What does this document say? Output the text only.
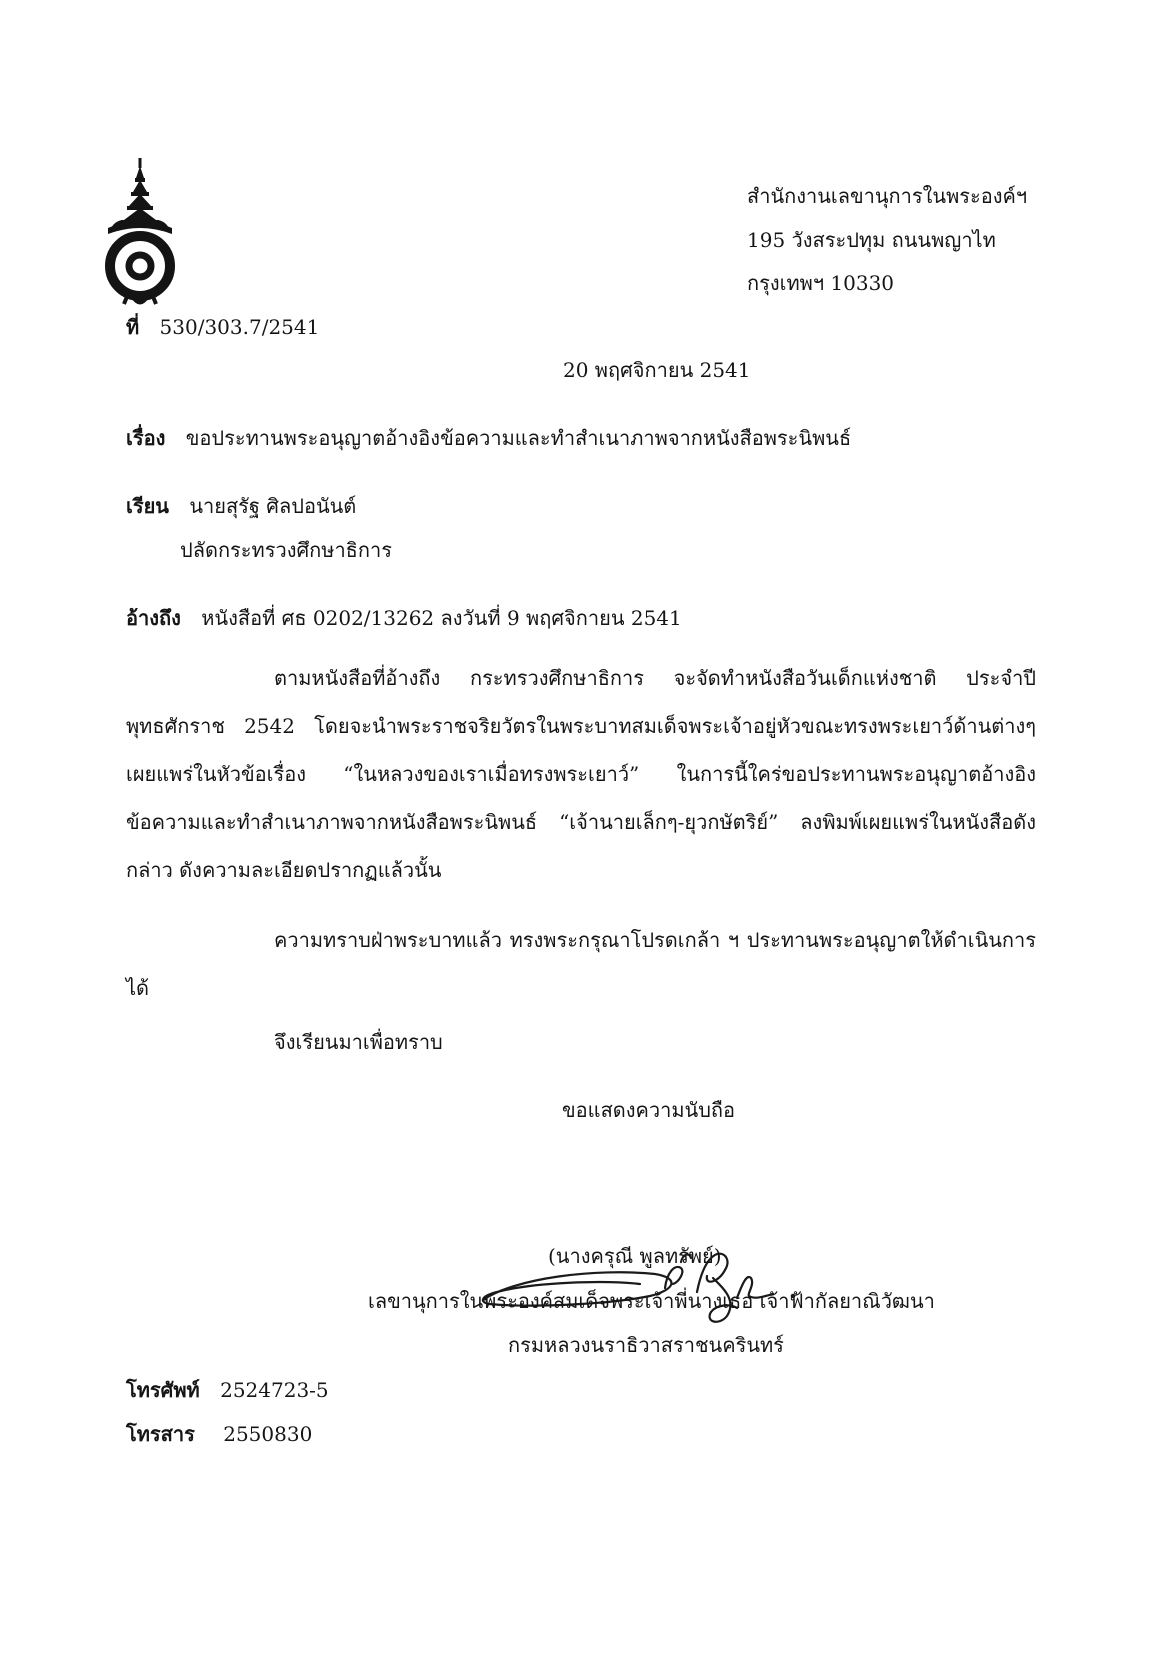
สำนักงานเลขานุการในพระองค์ฯ
195 วังสระปทุม ถนนพญาไท
กรุงเทพฯ 10330
ที่ 530/303.7/2541
20 พฤศจิกายน 2541
เรื่อง ขอประทานพระอนุญาตอ้างอิงข้อความและทำสำเนาภาพจากหนังสือพระนิพนธ์
เรียน นายสุรัฐ ศิลปอนันต์
ปลัดกระทรวงศึกษาธิการ
อ้างถึง หนังสือที่ ศธ 0202/13262 ลงวันที่ 9 พฤศจิกายน 2541
ตามหนังสือที่อ้างถึง กระทรวงศึกษาธิการ จะจัดทำหนังสือวันเด็กแห่งชาติ ประจำปีพุทธศักราช 2542 โดยจะนำพระราชจริยวัตรในพระบาทสมเด็จพระเจ้าอยู่หัวขณะทรงพระเยาว์ด้านต่างๆ เผยแพร่ในหัวข้อเรื่อง “ในหลวงของเราเมื่อทรงพระเยาว์” ในการนี้ใคร่ขอประทานพระอนุญาตอ้างอิงข้อความและทำสำเนาภาพจากหนังสือพระนิพนธ์ “เจ้านายเล็กๆ-ยุวกษัตริย์” ลงพิมพ์เผยแพร่ในหนังสือดังกล่าว ดังความละเอียดปรากฏแล้วนั้น
ความทราบฝ่าพระบาทแล้ว ทรงพระกรุณาโปรดเกล้า ฯ ประทานพระอนุญาตให้ดำเนินการได้
จึงเรียนมาเพื่อทราบ
ขอแสดงความนับถือ
(นางครุณี พูลทรัพย์)
เลขานุการในพระองค์สมเด็จพระเจ้าพี่นางเธอ เจ้าฟ้ากัลยาณิวัฒนา
กรมหลวงนราธิวาสราชนครินทร์
โทรศัพท์ 2524723-5
โทรสาร 2550830
